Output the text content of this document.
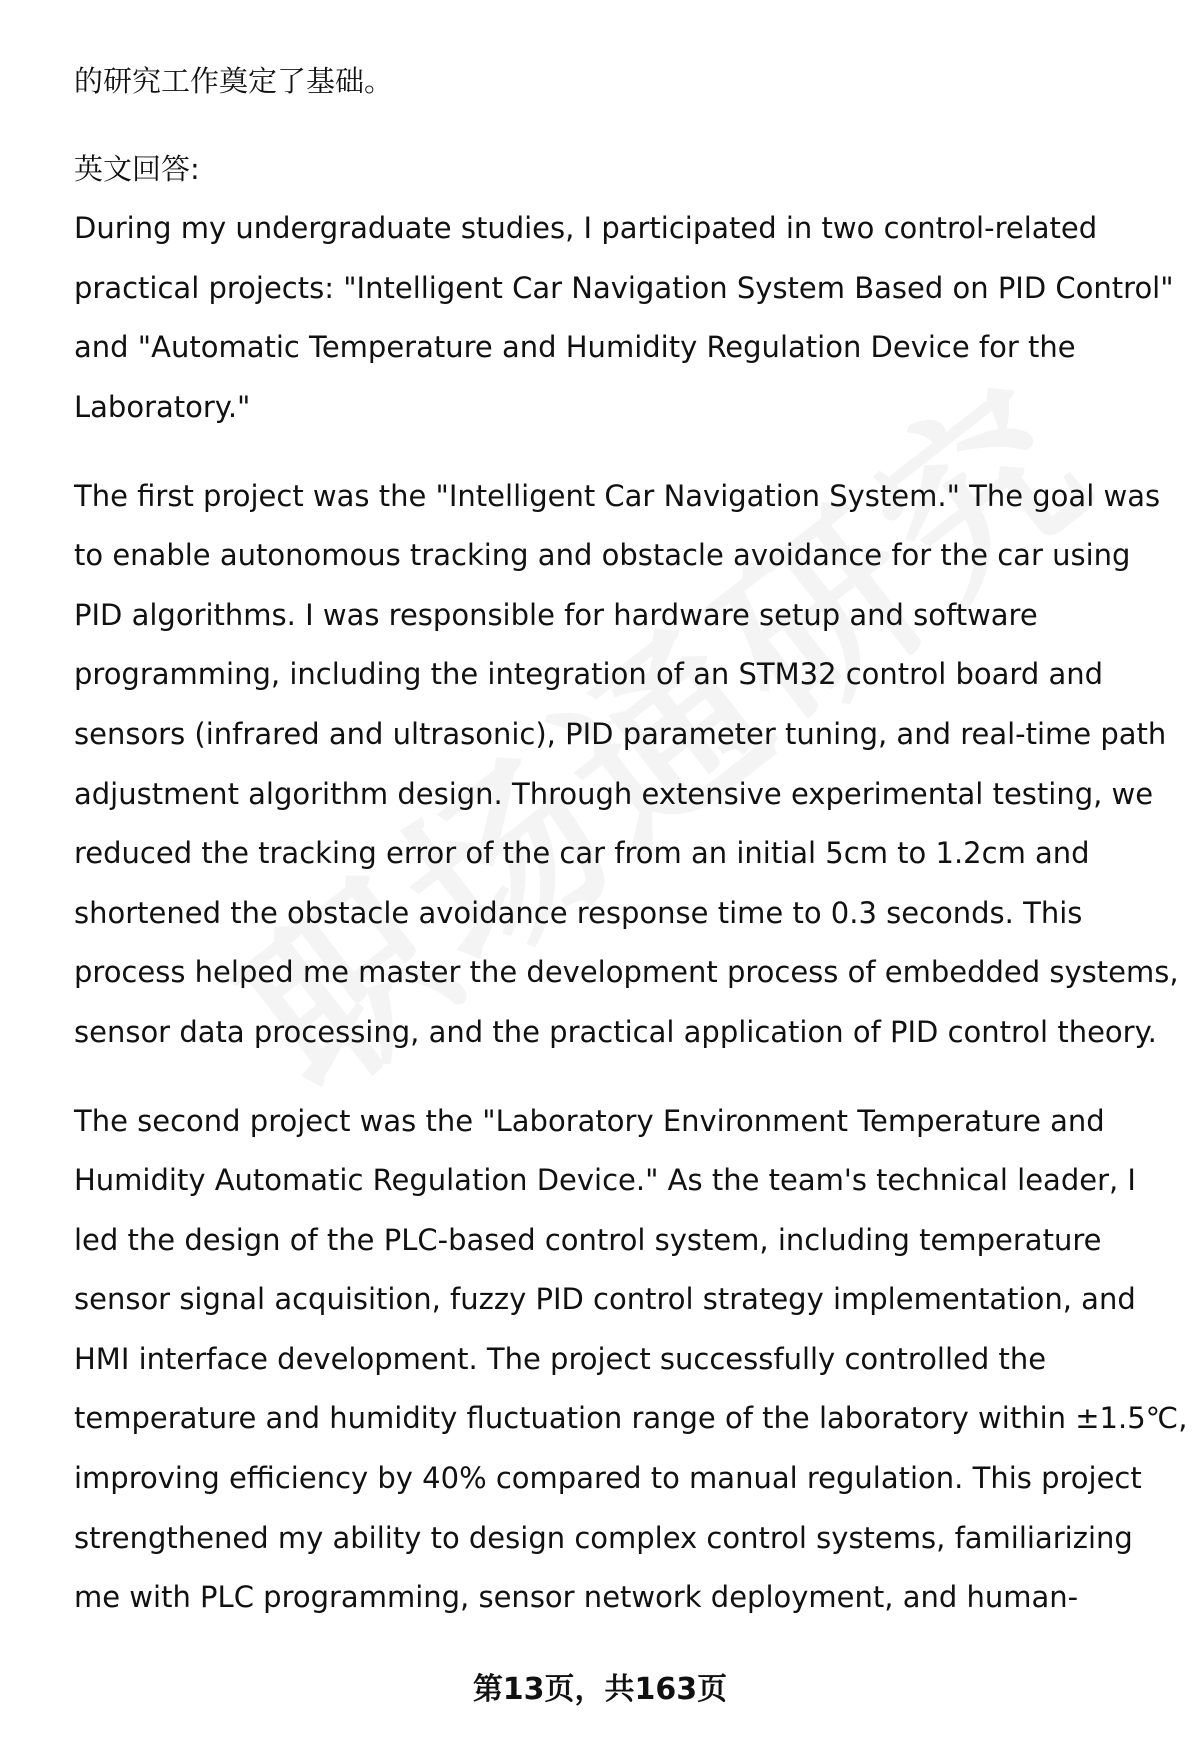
的研究工作奠定了基础。

英文回答:

During my undergraduate studies, I participated in two control-related

practical projects: "Intelligent Car Navigation System Based on PID Control"

and "Automatic Temperature and Humidity Regulation Device for the

Laboratory."

The first project was the "Intelligent Car Navigation System." The goal was

to enable autonomous tracking and obstacle avoidance for the car using

PID algorithms. I was responsible for hardware setup and software

programming, including the integration of an STM32 control board and

sensors (infrared and ultrasonic), PID parameter tuning, and real-time path

adjustment algorithm design. Through extensive experimental testing, we

reduced the tracking error of the car from an initial 5cm to 1.2cm and

shortened the obstacle avoidance response time to 0.3 seconds. This

process helped me master the development process of embedded systems,

sensor data processing, and the practical application of PID control theory.

The second project was the "Laboratory Environment Temperature and

Humidity Automatic Regulation Device." As the team's technical leader, I

led the design of the PLC-based control system, including temperature

sensor signal acquisition, fuzzy PID control strategy implementation, and

HMI interface development. The project successfully controlled the

temperature and humidity fluctuation range of the laboratory within ±1.5℃,

improving efficiency by 40% compared to manual regulation. This project

strengthened my ability to design complex control systems, familiarizing

me with PLC programming, sensor network deployment, and human-

第13页，共163页
